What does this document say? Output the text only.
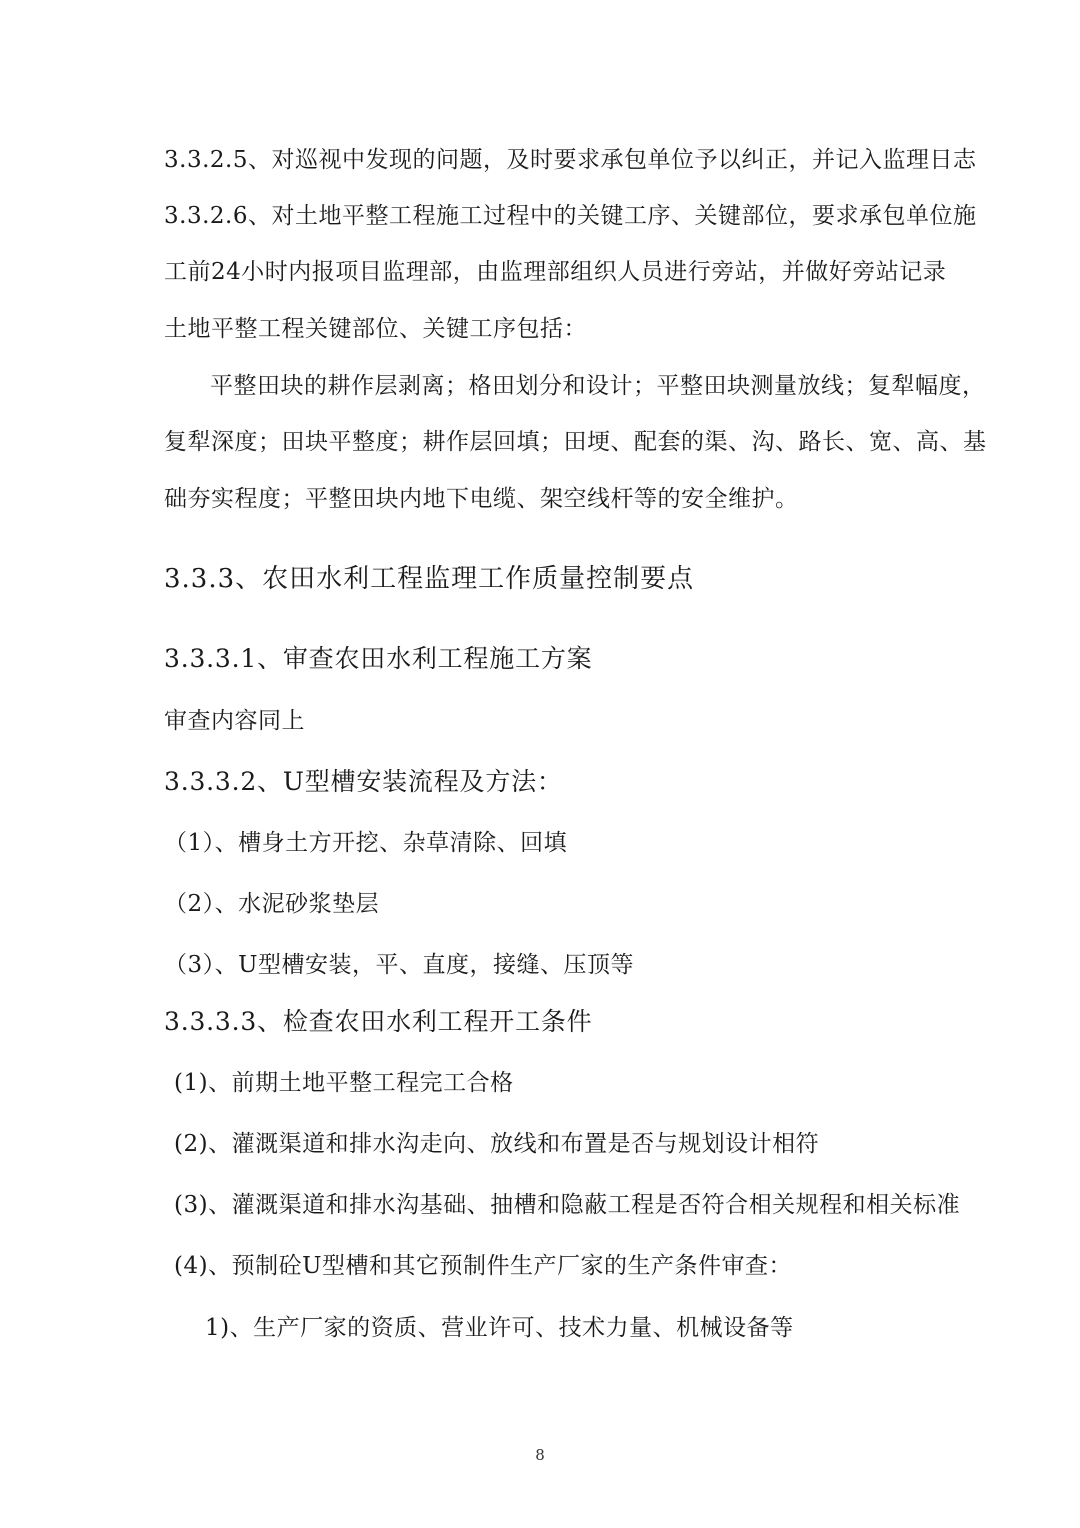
3.3.2.5、对巡视中发现的问题，及时要求承包单位予以纠正，并记入监理日志
3.3.2.6、对土地平整工程施工过程中的关键工序、关键部位，要求承包单位施
工前24小时内报项目监理部，由监理部组织人员进行旁站，并做好旁站记录
土地平整工程关键部位、关键工序包括：
平整田块的耕作层剥离；格田划分和设计；平整田块测量放线；复犁幅度，
复犁深度；田块平整度；耕作层回填；田埂、配套的渠、沟、路长、宽、高、基
础夯实程度；平整田块内地下电缆、架空线杆等的安全维护。
3.3.3、农田水利工程监理工作质量控制要点
3.3.3.1、审查农田水利工程施工方案
审查内容同上
3.3.3.2、U型槽安装流程及方法：
（1）、槽身土方开挖、杂草清除、回填
（2）、水泥砂浆垫层
（3）、U型槽安装，平、直度，接缝、压顶等
3.3.3.3、检查农田水利工程开工条件
(1)、前期土地平整工程完工合格
(2)、灌溉渠道和排水沟走向、放线和布置是否与规划设计相符
(3)、灌溉渠道和排水沟基础、抽槽和隐蔽工程是否符合相关规程和相关标准
(4)、预制砼U型槽和其它预制件生产厂家的生产条件审查：
1)、生产厂家的资质、营业许可、技术力量、机械设备等
8
